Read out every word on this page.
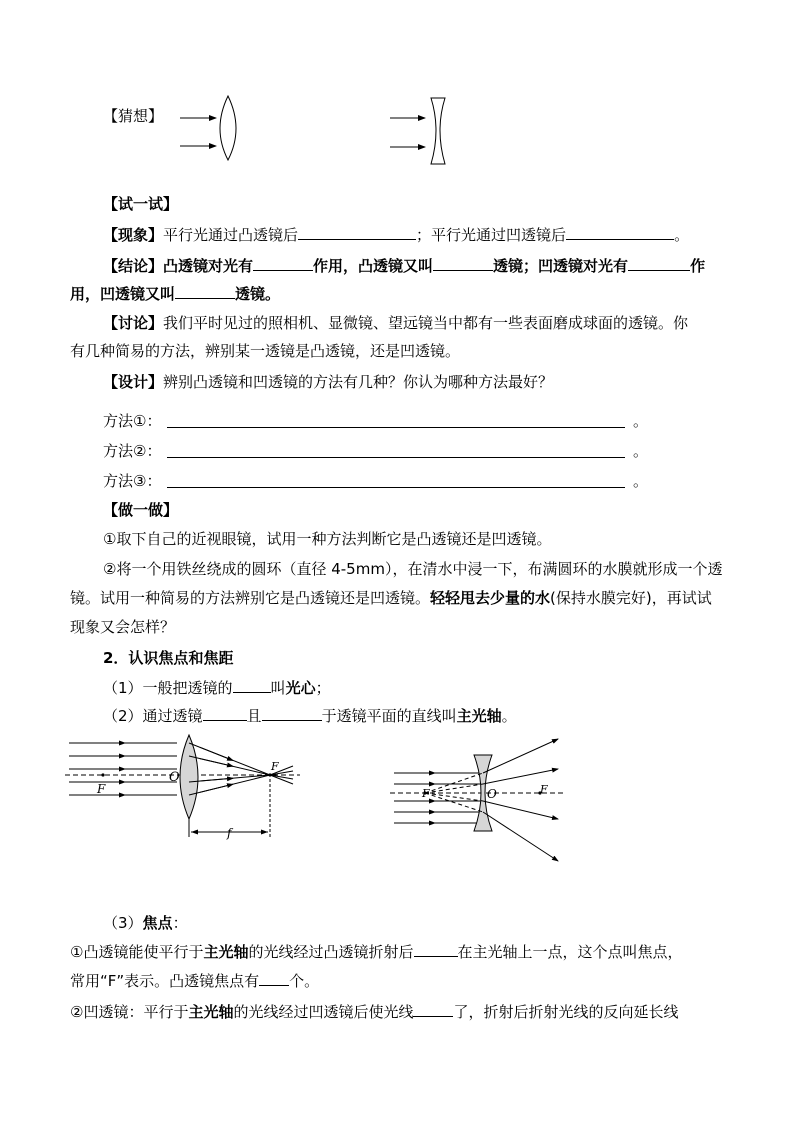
【猜想】
【试一试】
【现象】平行光通过凸透镜后	；平行光通过凹透镜后	。
【结论】凸透镜对光有	作用，凸透镜又叫	透镜；凹透镜对光有	作
用，凹透镜又叫	透镜。
【讨论】我们平时见过的照相机、显微镜、望远镜当中都有一些表面磨成球面的透镜。你
有几种简易的方法，辨别某一透镜是凸透镜，还是凹透镜。
【设计】辨别凸透镜和凹透镜的方法有几种？你认为哪种方法最好？
方法①：	。
方法②：	。
方法③：	。
【做一做】
①取下自己的近视眼镜，试用一种方法判断它是凸透镜还是凹透镜。
②将一个用铁丝绕成的圆环（直径 4-5mm），在清水中浸一下，布满圆环的水膜就形成一个透
镜。试用一种简易的方法辨别它是凸透镜还是凹透镜。轻轻甩去少量的水(保持水膜完好)，再试试
现象又会怎样？
2．认识焦点和焦距
（1）一般把透镜的	叫光心；
（2）通过透镜	且	于透镜平面的直线叫主光轴。
O
F
F
f
F	O	F
（3）焦点：
①凸透镜能使平行于主光轴的光线经过凸透镜折射后	在主光轴上一点，这个点叫焦点，
常用“F”表示。凸透镜焦点有 个。
②凹透镜：平行于主光轴的光线经过凹透镜后使光线	了，折射后折射光线的反向延长线
